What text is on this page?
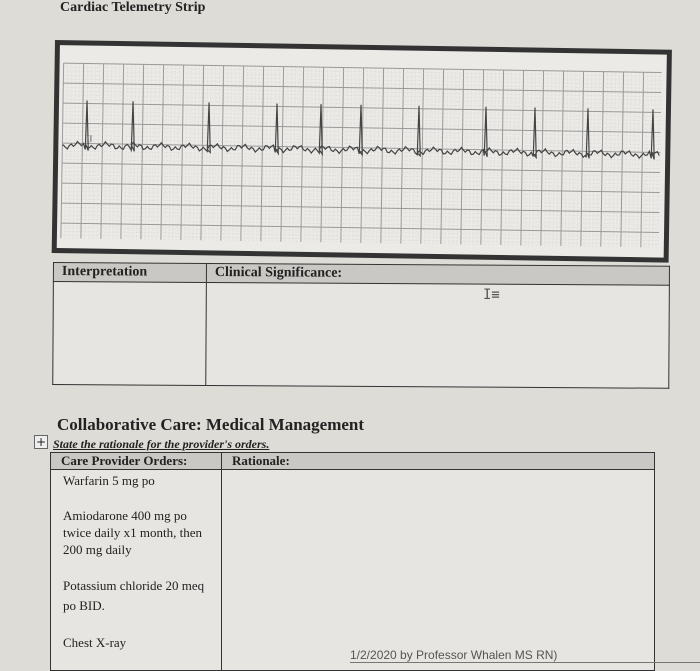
Cardiac Telemetry Strip
II
Interpretation	Clinical Significance:

I≡
Collaborative Care: Medical Management
+ State the rationale for the provider's orders.
Care Provider Orders:	Rationale:

Warfarin 5 mg po
Amiodarone 400 mg po twice daily x1 month, then 200 mg daily
Potassium chloride 20 meq po BID.
Chest X-ray	

1/2/2020 by Professor Whalen MS RN)
